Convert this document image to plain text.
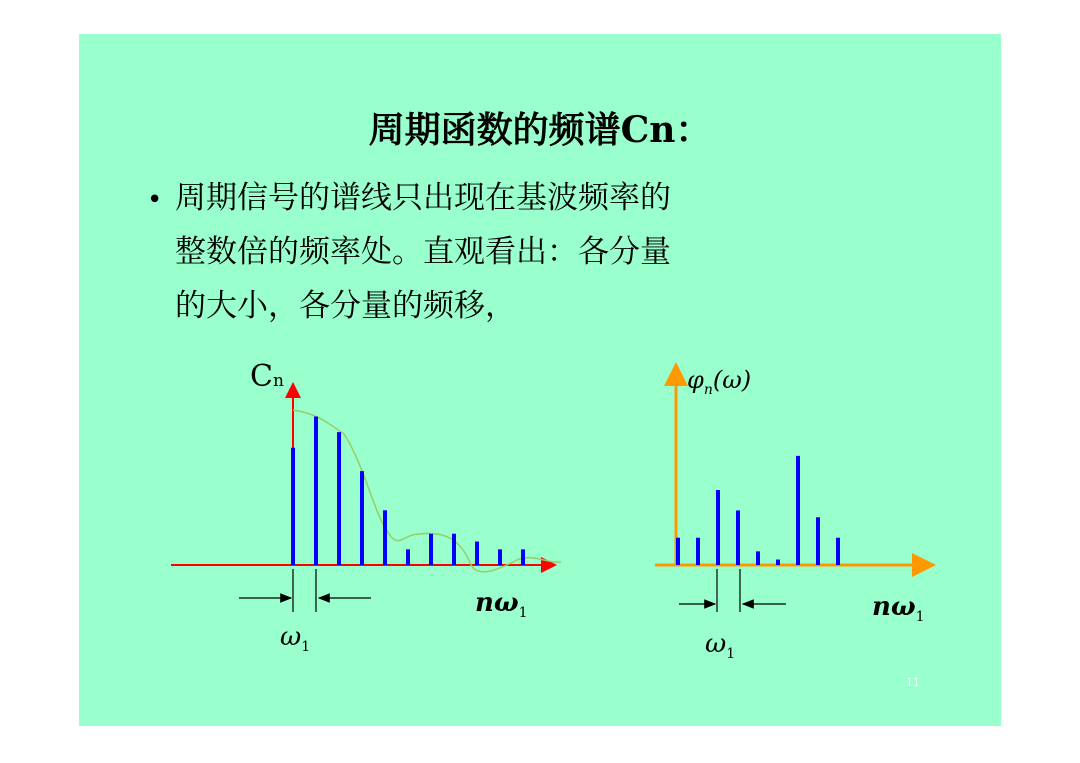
周期函数的频谱Cn：
• 周期信号的谱线只出现在基波频率的
整数倍的频率处。直观看出：各分量
的大小，各分量的频移，

Cn	$\varphi_n(\omega)$
$n\omega_1$	$n\omega_1$
$\omega_1$	$\omega_1$
11
